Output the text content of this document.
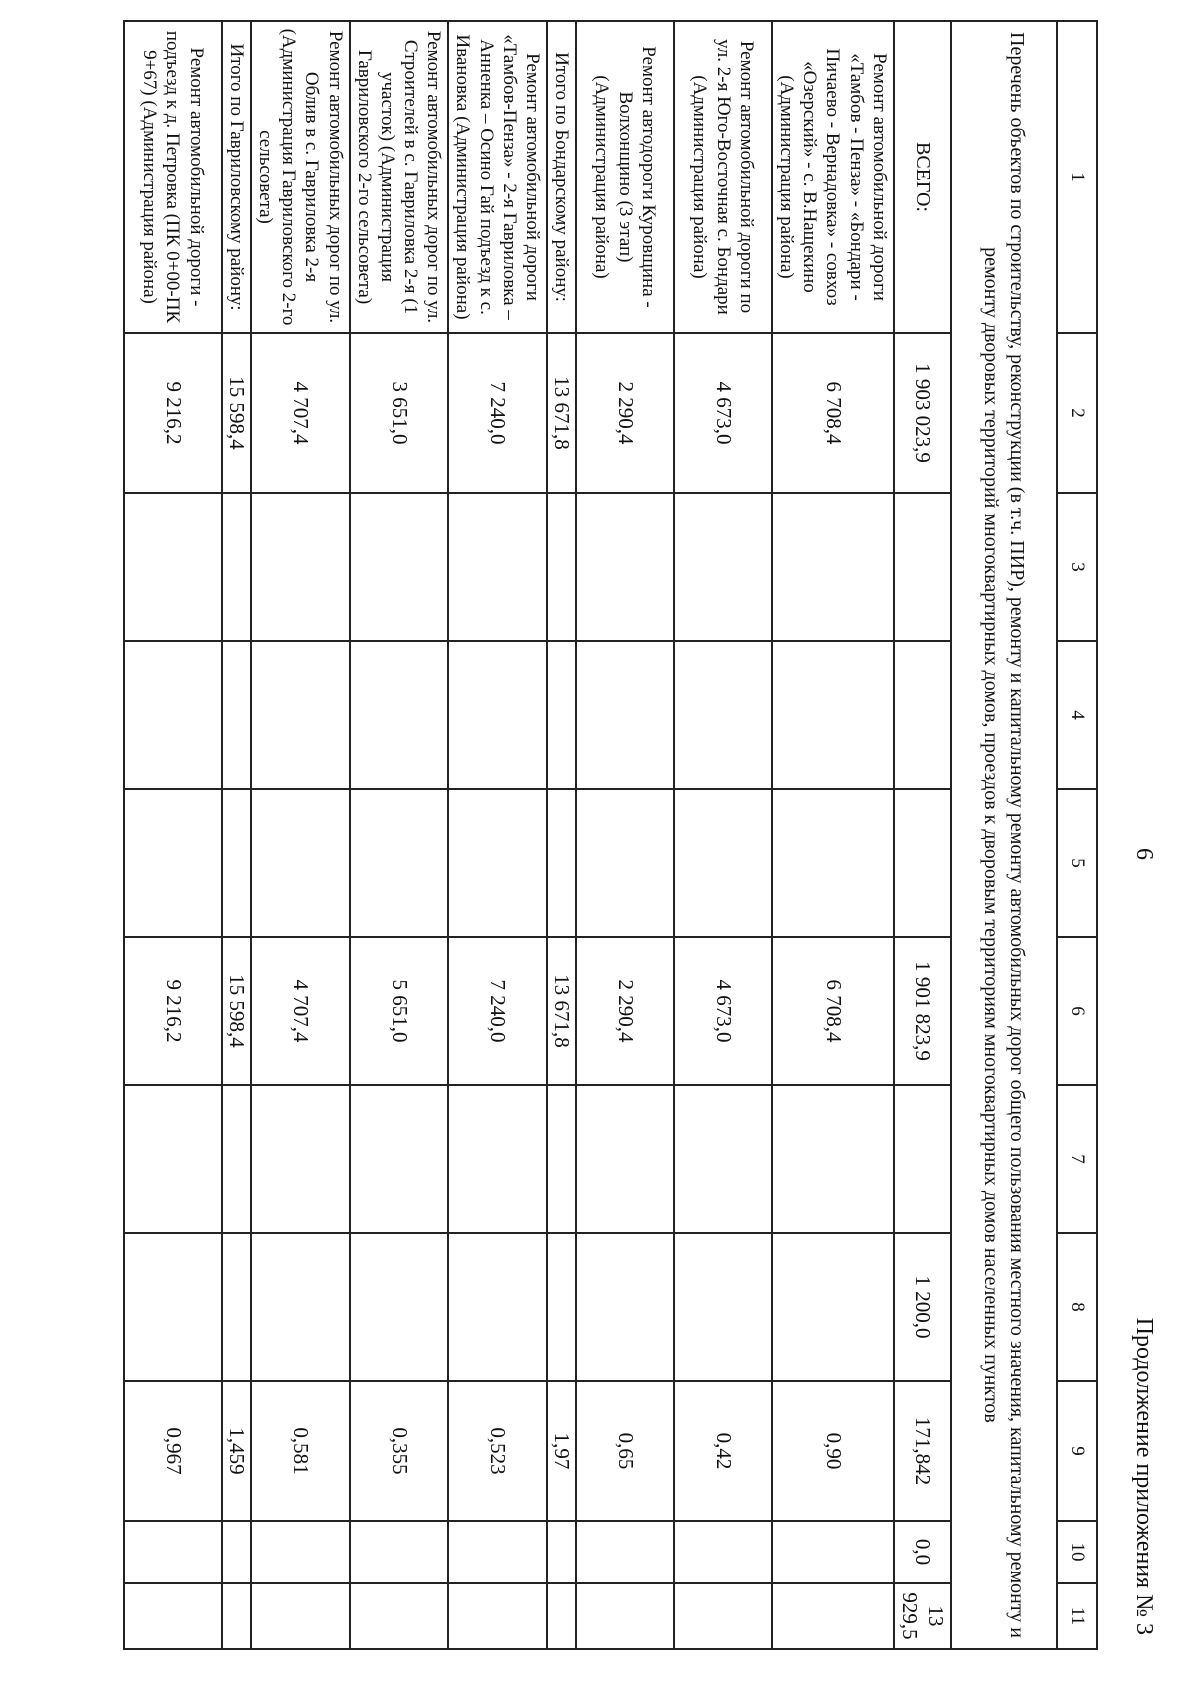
6
Продолжение приложения № 3
1	2	3	4	5	6	7	8	9	10	11
Перечень объектов по строительству, реконструкции (в т.ч. ПИР), ремонту и капитальному ремонту автомобильных дорог общего пользования местного значения, капитальному ремонту и ремонту дворовых территорий многоквартирных домов, проездов к дворовым территориям многоквартирных домов населенных пунктов										
ВСЕГО:	1 903 023,9				1 901 823,9		1 200,0	171,842	0,0	13 929,5
Ремонт автомобильной дороги «Тамбов - Пенза» - «Бондари - Пичаево - Вернадовка» - совхоз «Озерский» - с. В.Нащекино (Администрация района)	6 708,4				6 708,4			0,90		
Ремонт автомобильной дороги по ул. 2-я Юго-Восточная с. Бондари (Администрация района)	4 673,0				4 673,0			0,42		
Ремонт автодороги Куровщина - Волхонщино (3 этап) (Администрация района)	2 290,4				2 290,4			0,65		
Итого по Бондарскому району:	13 671,8				13 671,8			1,97		
Ремонт автомобильной дороги «Тамбов-Пенза» - 2-я Гавриловка – Анненка – Осино Гай подъезд к с. Ивановка (Администрация района)	7 240,0				7 240,0			0,523		
Ремонт автомобильных дорог по ул. Строителей в с. Гавриловка 2-я (1 участок) (Администрация Гавриловского 2-го сельсовета)	3 651,0				5 651,0			0,355		
Ремонт автомобильных дорог по ул. Облив в с. Гавриловка 2-я (Администрация Гавриловского 2-го сельсовета)	4 707,4				4 707,4			0,581		
Итого по Гавриловскому району:	15 598,4				15 598,4			1,459		
Ремонт автомобильной дороги - подъезд к д. Петровка (ПК 0+00-ПК 9+67) (Администрация района)	9 216,2				9 216,2			0,967		
